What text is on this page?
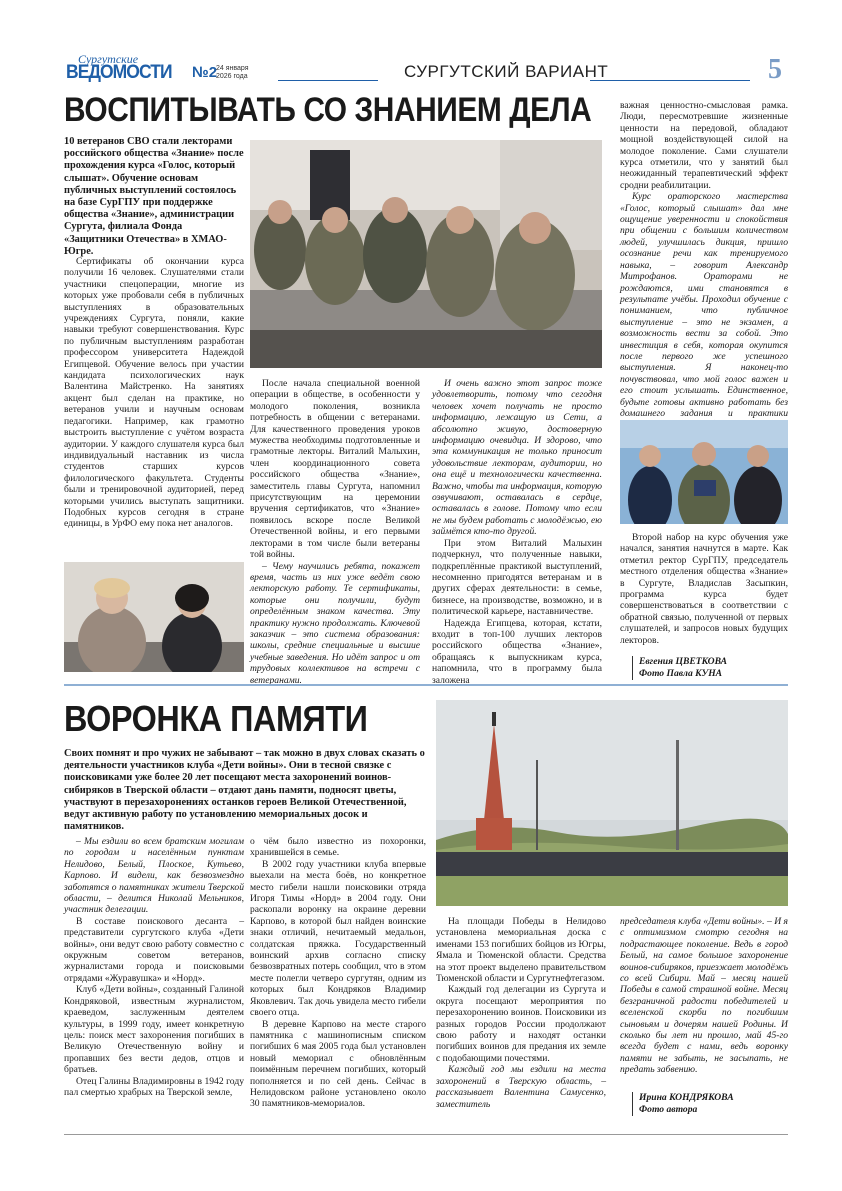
Сургутские
ВЕДОМОСТИ №2
24 января
2026 года	СУРГУТСКИЙ ВАРИАНТ	5
ВОСПИТЫВАТЬ СО ЗНАНИЕМ ДЕЛА
10 ветеранов СВО стали лекторами российского общества «Знание» после прохождения курса «Голос, который слышат». Обучение основам публичных выступлений состоялось на базе СурГПУ при поддержке общества «Знание», администрации Сургута, филиала Фонда «Защитники Отечества» в ХМАО-Югре.

Сертификаты об окончании курса получили 16 человек. Слушателями стали участники спецоперации, многие из которых уже пробовали себя в публичных выступлениях в образовательных учреждениях Сургута, поняли, какие навыки требуют совершенствования. Курс по публичным выступлениям разработан профессором университета Надеждой Египцевой. Обучение велось при участии кандидата психологических наук Валентина Майстренко. На занятиях акцент был сделан на практике, но ветеранов учили и научным основам педагогики. Например, как грамотно выстроить выступление с учётом возраста аудитории. У каждого слушателя курса был индивидуальный наставник из числа студентов старших курсов филологического факультета. Студенты были и тренировочной аудиторией, перед которыми учились выступать защитники. Подобных курсов сегодня в стране единицы, в УрФО ему пока нет аналогов.

После начала специальной военной операции в обществе, в особенности у молодого поколения, возникла потребность в общении с ветеранами. Для качественного проведения уроков мужества необходимы подготовленные и грамотные лекторы. Виталий Малыхин, член координационного совета российского общества «Знание», заместитель главы Сургута, напомнил присутствующим на церемонии вручения сертификатов, что «Знание» появилось вскоре после Великой Отечественной войны, и его первыми лекторами в том числе были ветераны той войны.

– Чему научились ребята, покажет время, часть из них уже ведёт свою лекторскую работу. Те сертификаты, которые они получили, будут определённым знаком качества. Эту практику нужно продолжать. Ключевой заказчик – это система образования: школы, средние специальные и высшие учебные заведения. Но идёт запрос и от трудовых коллективов на встречи с ветеранами.

И очень важно этот запрос тоже удовлетворить, потому что сегодня человек хочет получать не просто информацию, лежащую из Сети, а абсолютно живую, достоверную информацию очевидца. И здорово, что эта коммуникация не только приносит удовольствие лекторам, аудитории, но она ещё и технологически качественна. Важно, чтобы та информация, которую озвучивают, оставалась в сердце, оставалась в голове. Потому что если не мы будем работать с молодёжью, ею займётся кто-то другой.

При этом Виталий Малыхин подчеркнул, что полученные навыки, подкреплённые практикой выступлений, несомненно пригодятся ветеранам и в других сферах деятельности: в семье, бизнесе, на производстве, возможно, и в политической карьере, наставничестве.

Надежда Египцева, которая, кстати, входит в топ-100 лучших лекторов российского общества «Знание», обращаясь к выпускникам курса, напомнила, что в программу была заложена

важная ценностно-смысловая рамка. Люди, пересмотревшие жизненные ценности на передовой, обладают мощной воздействующей силой на молодое поколение. Сами слушатели курса отметили, что у занятий был неожиданный терапевтический эффект сродни реабилитации.

Курс ораторского мастерства «Голос, который слышат» дал мне ощущение уверенности и спокойствия при общении с большим количеством людей, улучшилась дикция, пришло осознание речи как тренируемого навыка, – говорит Александр Митрофанов. Ораторами не рождаются, ими становятся в результате учёбы. Проходил обучение с пониманием, что публичное выступление – это не экзамен, а возможность вести за собой. Это инвестиция в себя, которая окупится после первого же успешного выступления. Я наконец-то почувствовал, что мой голос важен и его стоит услышать. Единственное, будьте готовы активно работать без домашнего задания и практики

Второй набор на курс обучения уже начался, занятия начнутся в марте. Как отметил ректор СурГПУ, председатель местного отделения общества «Знание» в Сургуте, Владислав Засыпкин, программа курса будет совершенствоваться в соответствии с обратной связью, полученной от первых слушателей, и запросов новых будущих лекторов.

Евгения ЦВЕТКОВА
Фото Павла КУНА
ВОРОНКА ПАМЯТИ
Своих помнят и про чужих не забывают – так можно в двух словах сказать о деятельности участников клуба «Дети войны». Они в тесной связке с поисковиками уже более 20 лет посещают места захоронений воинов-сибиряков в Тверской области – отдают дань памяти, подносят цветы, участвуют в перезахоронениях останков героев Великой Отечественной, ведут активную работу по установлению мемориальных досок и памятников.

– Мы ездили во всем братским могилам по городам и населённым пунктам Нелидово, Белый, Плоское, Кутьево, Карпово. И видели, как безвозмездно заботятся о памятниках жители Тверской области, – делится Николай Мельников, участник делегации.

В составе поискового десанта – представители сургутского клуба «Дети войны», они ведут свою работу совместно с окружным советом ветеранов, журналистами города и поисковыми отрядами «Журавушка» и «Норд».

Клуб «Дети войны», созданный Галиной Кондряковой, известным журналистом, краеведом, заслуженным деятелем культуры, в 1999 году, имеет конкретную цель: поиск мест захоронения погибших в Великую Отечественную войну и пропавших без вести дедов, отцов и братьев.

Отец Галины Владимировны в 1942 году пал смертью храбрых на Тверской земле,

о чём было известно из похоронки, хранившейся в семье.

В 2002 году участники клуба впервые выехали на места боёв, но конкретное место гибели нашли поисковики отряда Игоря Тимы «Норд» в 2004 году. Они раскопали воронку на окраине деревни Карпово, в которой был найден воинские знаки отличий, нечитаемый медальон, солдатская пряжка. Государственный воинский архив согласно списку безвозвратных потерь сообщил, что в этом месте полегли четверо сургутян, одним из которых был Кондряков Владимир Яковлевич. Так дочь увидела место гибели своего отца.

В деревне Карпово на месте старого памятника с машинописным списком погибших 6 мая 2005 года был установлен новый мемориал с обновлённым поимённым перечнем погибших, который пополняется и по сей день. Сейчас в Нелидовском районе установлено около 30 памятников-мемориалов.

На площади Победы в Нелидово установлена мемориальная доска с именами 153 погибших бойцов из Югры, Ямала и Тюменской области. Средства на этот проект выделено правительством Тюменской области и Сургутнефтегазом.

Каждый год делегации из Сургута и округа посещают мероприятия по перезахоронению воинов. Поисковики из разных городов России продолжают свою работу и находят останки погибших воинов для предания их земле с подобающими почестями.

Каждый год мы ездили на места захоронений в Тверскую область, – рассказывает Валентина Самусенко, заместитель

председателя клуба «Дети войны». – И я с оптимизмом смотрю сегодня на подрастающее поколение. Ведь в город Белый, на самое большое захоронение воинов-сибиряков, приезжает молодёжь со всей Сибири. Май – месяц нашей Победы в самой страшной войне. Месяц безграничной радости победителей и вселенской скорби по погибшим сыновьям и дочерям нашей Родины. И сколько бы лет ни прошло, май 45-го всегда будет с нами, ведь воронку памяти не забыть, не засыпать, не предать забвению.

Ирина КОНДРЯКОВА
Фото автора
